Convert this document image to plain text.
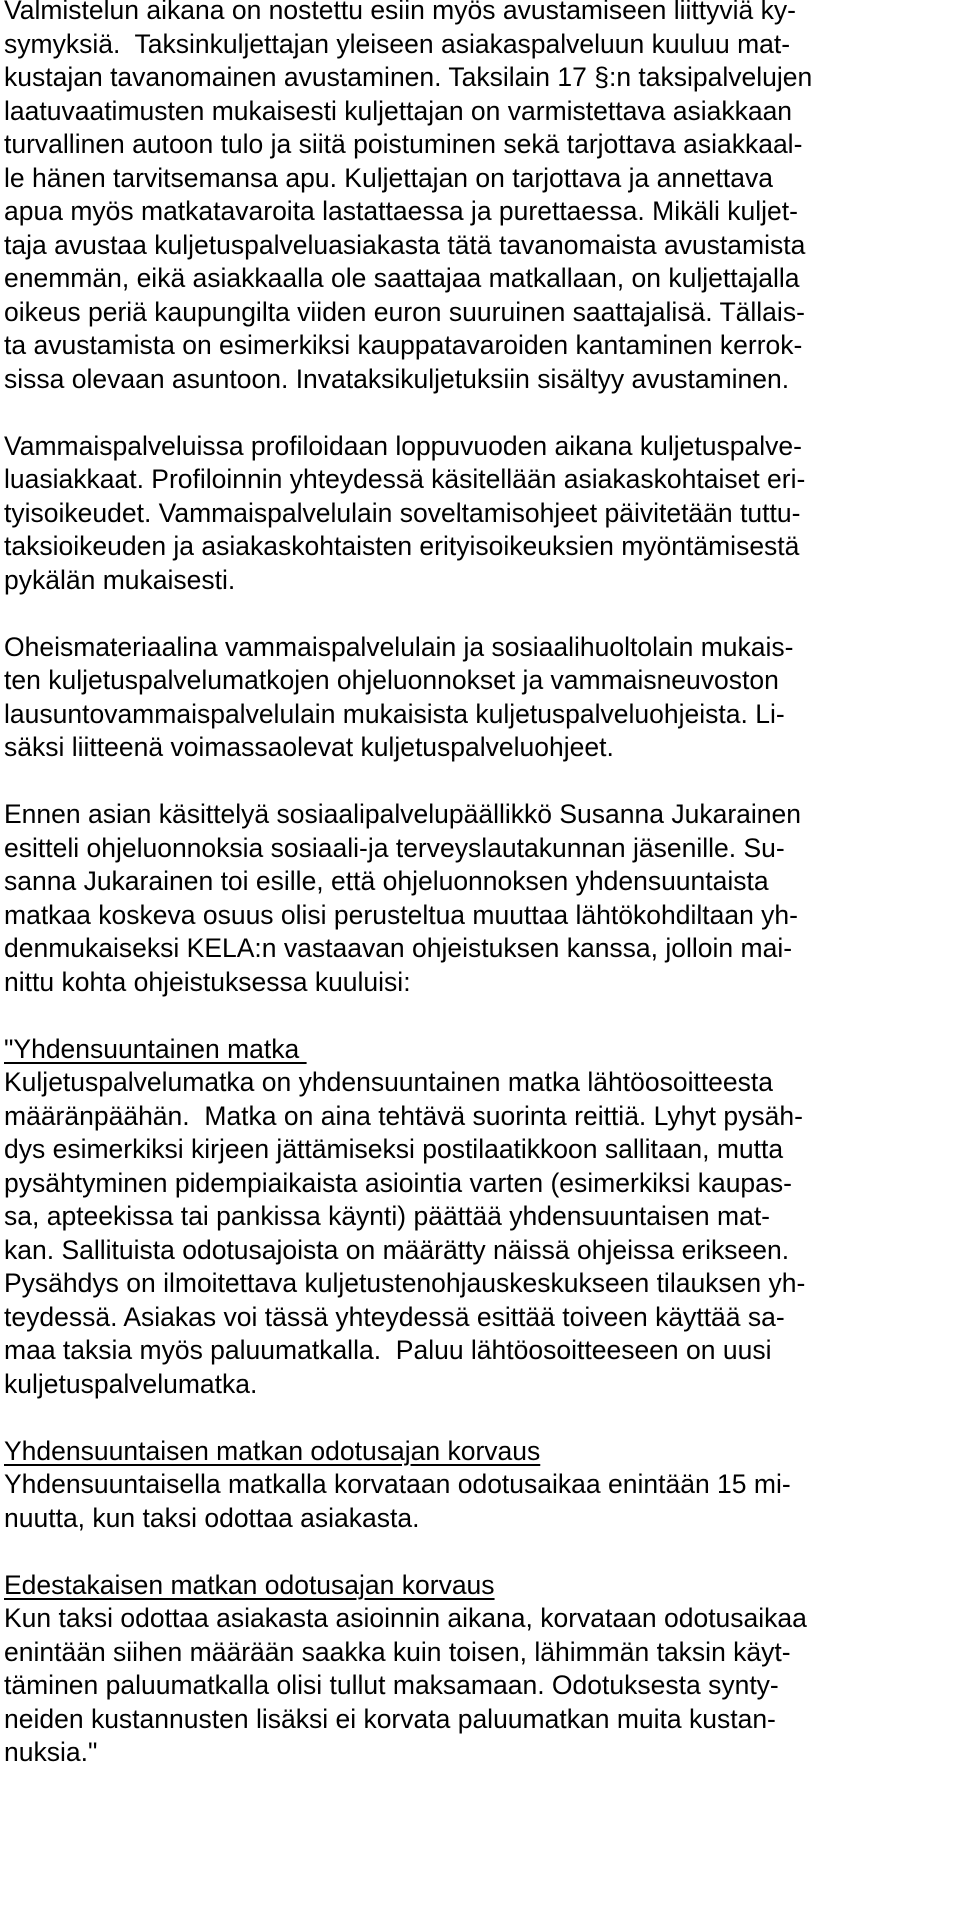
Valmistelun aikana on nostettu esiin myös avustamiseen liittyviä ky-
symyksiä.  Taksinkuljettajan yleiseen asiakaspalveluun kuuluu mat-
kustajan tavanomainen avustaminen. Taksilain 17 §:n taksipalvelujen
laatuvaatimusten mukaisesti kuljettajan on varmistettava asiakkaan
turvallinen autoon tulo ja siitä poistuminen sekä tarjottava asiakkaal-
le hänen tarvitsemansa apu. Kuljettajan on tarjottava ja annettava
apua myös matkatavaroita lastattaessa ja purettaessa. Mikäli kuljet-
taja avustaa kuljetuspalveluasiakasta tätä tavanomaista avustamista
enemmän, eikä asiakkaalla ole saattajaa matkallaan, on kuljettajalla
oikeus periä kaupungilta viiden euron suuruinen saattajalisä. Tällais-
ta avustamista on esimerkiksi kauppatavaroiden kantaminen kerrok-
sissa olevaan asuntoon. Invataksikuljetuksiin sisältyy avustaminen.
Vammaispalveluissa profiloidaan loppuvuoden aikana kuljetuspalve-
luasiakkaat. Profiloinnin yhteydessä käsitellään asiakaskohtaiset eri-
tyisoikeudet. Vammaispalvelulain soveltamisohjeet päivitetään tuttu-
taksioikeuden ja asiakaskohtaisten erityisoikeuksien myöntämisestä
pykälän mukaisesti.
Oheismateriaalina vammaispalvelulain ja sosiaalihuoltolain mukais-
ten kuljetuspalvelumatkojen ohjeluonnokset ja vammaisneuvoston
lausuntovammaispalvelulain mukaisista kuljetuspalveluohjeista. Li-
säksi liitteenä voimassaolevat kuljetuspalveluohjeet.
Ennen asian käsittelyä sosiaalipalvelupäällikkö Susanna Jukarainen
esitteli ohjeluonnoksia sosiaali-ja terveyslautakunnan jäsenille. Su-
sanna Jukarainen toi esille, että ohjeluonnoksen yhdensuuntaista
matkaa koskeva osuus olisi perusteltua muuttaa lähtökohdiltaan yh-
denmukaiseksi KELA:n vastaavan ohjeistuksen kanssa, jolloin mai-
nittu kohta ohjeistuksessa kuuluisi:
"Yhdensuuntainen matka
Kuljetuspalvelumatka on yhdensuuntainen matka lähtöosoitteesta
määränpäähän.  Matka on aina tehtävä suorinta reittiä. Lyhyt pysäh-
dys esimerkiksi kirjeen jättämiseksi postilaatikkoon sallitaan, mutta
pysähtyminen pidempiaikaista asiointia varten (esimerkiksi kaupas-
sa, apteekissa tai pankissa käynti) päättää yhdensuuntaisen mat-
kan. Sallituista odotusajoista on määrätty näissä ohjeissa erikseen.
Pysähdys on ilmoitettava kuljetustenohjauskeskukseen tilauksen yh-
teydessä. Asiakas voi tässä yhteydessä esittää toiveen käyttää sa-
maa taksia myös paluumatkalla.  Paluu lähtöosoitteeseen on uusi
kuljetuspalvelumatka.
Yhdensuuntaisen matkan odotusajan korvaus
Yhdensuuntaisella matkalla korvataan odotusaikaa enintään 15 mi-
nuutta, kun taksi odottaa asiakasta.
Edestakaisen matkan odotusajan korvaus
Kun taksi odottaa asiakasta asioinnin aikana, korvataan odotusaikaa
enintään siihen määrään saakka kuin toisen, lähimmän taksin käyt-
täminen paluumatkalla olisi tullut maksamaan. Odotuksesta synty-
neiden kustannusten lisäksi ei korvata paluumatkan muita kustan-
nuksia."
